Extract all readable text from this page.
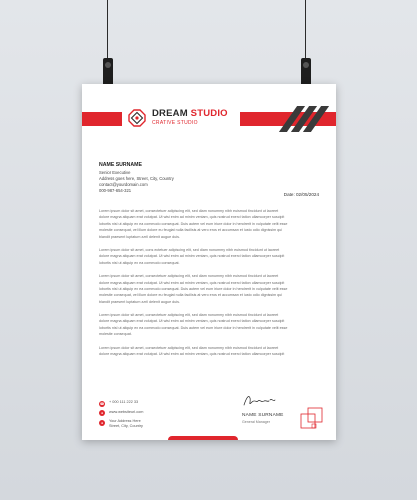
DREAM STUDIO
CRATIVE STUDIO
NAME SURNAME
Senior Executive
Address goes here, Street, City, Country
contact@yourdomain.com
000-987-654-321
Date: 02/05/2024
Lorem ipsum dolor sit amet, consectetuer adipiscing elit, sed diam nonummy nibh euismod tincidunt ut laoreet
dolore magna aliquam erat volutpat. Ut wisi enim ad minim veniam, quis nostrud exerci tation ullamcorper suscipit
lobortis nisl ut aliquip ex ea commodo consequat. Duis autem vel eum iriure dolor in hendrerit in vulputate velit esse
molestie consequat, vel illum dolore eu feugiat nulla facilisis at vero eros et accumsan et iusto odio dignissim qui
blandit praesent luptatum zzril delenit augue duis.
Lorem ipsum dolor sit amet, cons ectetuer adipiscing elit, sed diam nonummy nibh euismod tincidunt ut laoreet
dolore magna aliquam erat volutpat. Ut wisi enim ad minim veniam, quis nostrud exerci tation ullamcorper suscipit
lobortis nisl ut aliquip ex ea commodo consequat.
Lorem ipsum dolor sit amet, consectetuer adipiscing elit, sed diam nonummy nibh euismod tincidunt ut laoreet
dolore magna aliquam erat volutpat. Ut wisi enim ad minim veniam, quis nostrud exerci tation ullamcorper suscipit
lobortis nisl ut aliquip ex ea commodo consequat. Duis autem vel eum iriure dolor in hendrerit in vulputate velit esse
molestie consequat, vel illum dolore eu feugiat nulla facilisis at vero eros et accumsan et iusto odio dignissim qui
blandit praesent luptatum zzril delenit augue duis.
Lorem ipsum dolor sit amet, consectetuer adipiscing elit, sed diam nonummy nibh euismod tincidunt ut laoreet
dolore magna aliquam erat volutpat. Ut wisi enim ad minim veniam, quis nostrud exerci tation ullamcorper suscipit
lobortis nisl ut aliquip ex ea commodo consequat. Duis autem vel eum iriure dolor in hendrerit in vulputate velit esse
molestie consequat.
Lorem ipsum dolor sit amet, consectetuer adipiscing elit, sed diam nonummy nibh euismod tincidunt ut laoreet
dolore magna aliquam erat volutpat. Ut wisi enim ad minim veniam, quis nostrud exerci tation ullamcorper suscipit
☎ + 000 111 222 33
●	www.websiteurl.com
●	Your Address Here
Street, City, Country
NAME SURNAME
General Manager
